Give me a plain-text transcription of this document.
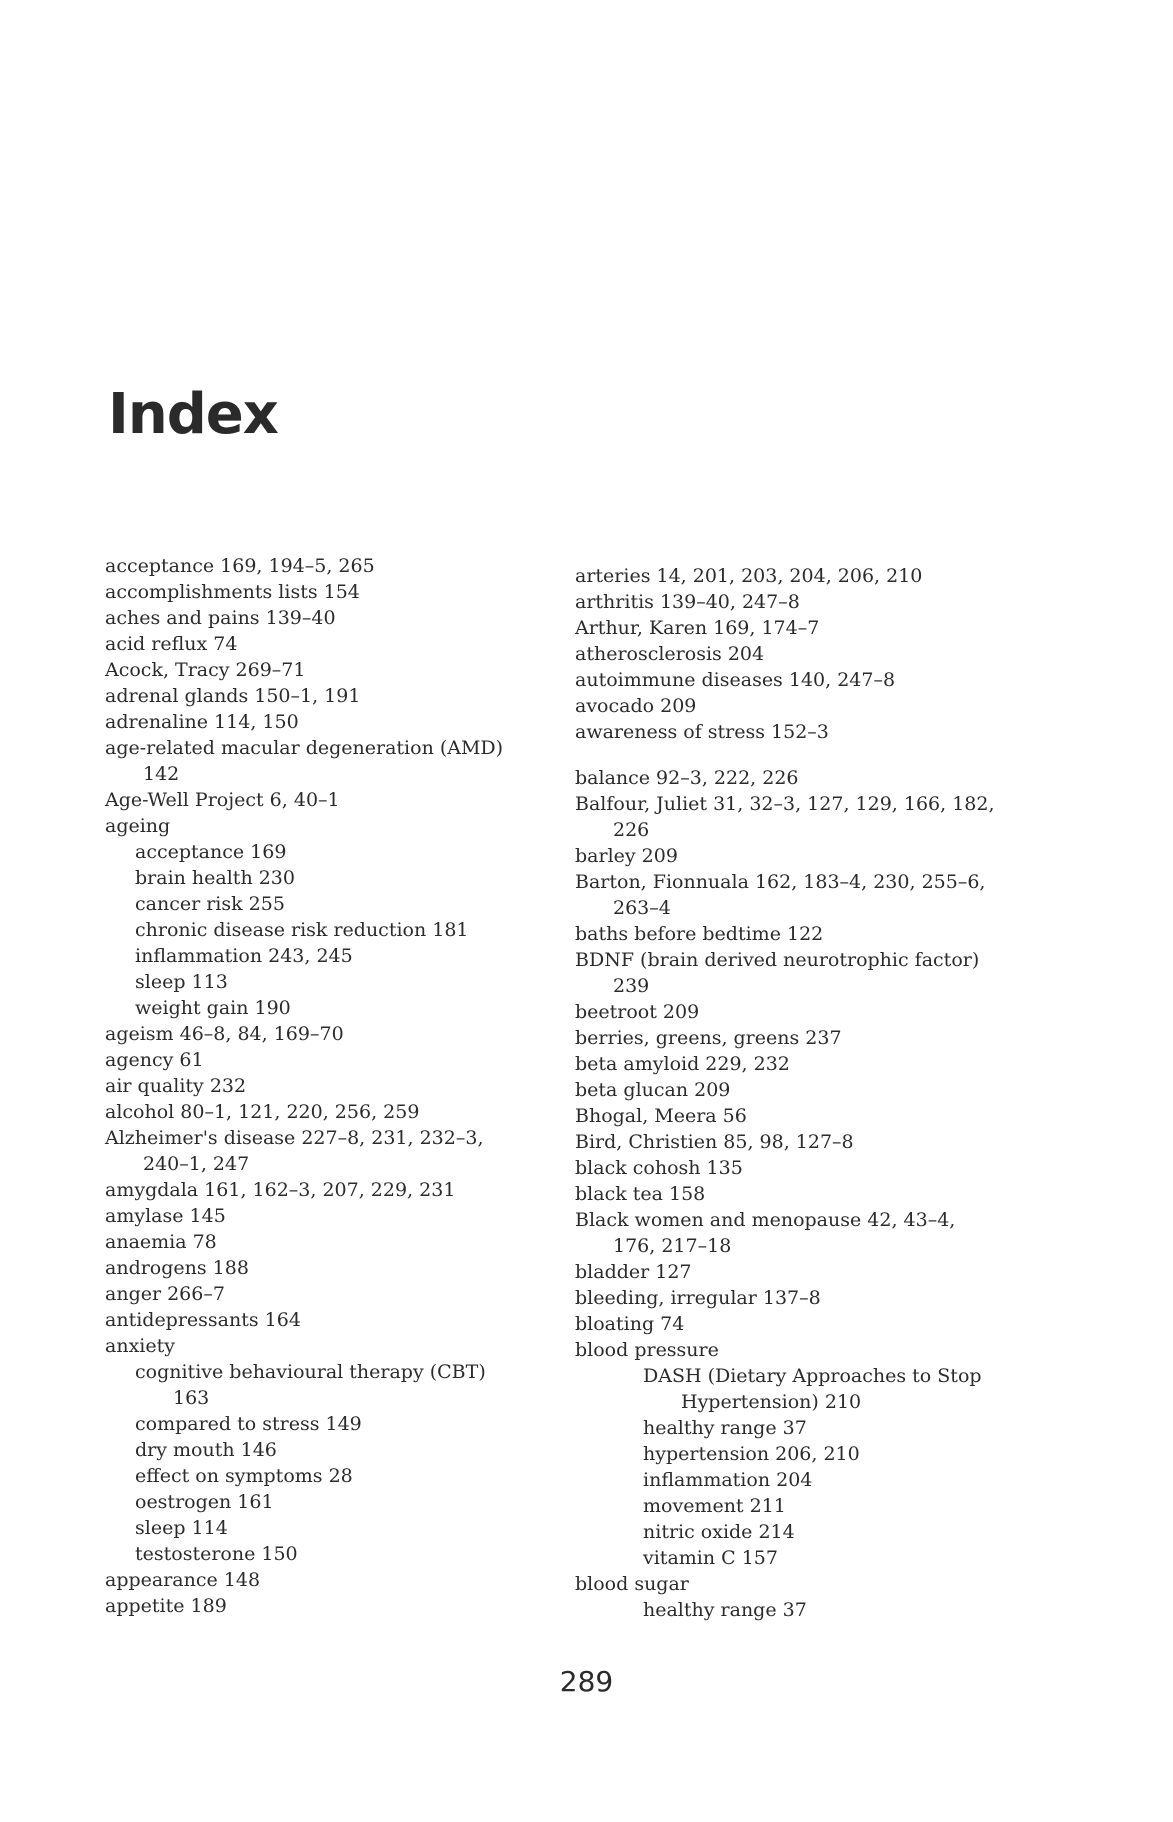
Index
acceptance 169, 194–5, 265
accomplishments lists 154
aches and pains 139–40
acid reflux 74
Acock, Tracy 269–71
adrenal glands 150–1, 191
adrenaline 114, 150
age-related macular degeneration (AMD)
142
Age-Well Project 6, 40–1
ageing
acceptance 169
brain health 230
cancer risk 255
chronic disease risk reduction 181
inflammation 243, 245
sleep 113
weight gain 190
ageism 46–8, 84, 169–70
agency 61
air quality 232
alcohol 80–1, 121, 220, 256, 259
Alzheimer's disease 227–8, 231, 232–3,
240–1, 247
amygdala 161, 162–3, 207, 229, 231
amylase 145
anaemia 78
androgens 188
anger 266–7
antidepressants 164
anxiety
cognitive behavioural therapy (CBT)
163
compared to stress 149
dry mouth 146
effect on symptoms 28
oestrogen 161
sleep 114
testosterone 150
appearance 148
appetite 189
arteries 14, 201, 203, 204, 206, 210
arthritis 139–40, 247–8
Arthur, Karen 169, 174–7
atherosclerosis 204
autoimmune diseases 140, 247–8
avocado 209
awareness of stress 152–3
balance 92–3, 222, 226
Balfour, Juliet 31, 32–3, 127, 129, 166, 182,
226
barley 209
Barton, Fionnuala 162, 183–4, 230, 255–6,
263–4
baths before bedtime 122
BDNF (brain derived neurotrophic factor)
239
beetroot 209
berries, greens, greens 237
beta amyloid 229, 232
beta glucan 209
Bhogal, Meera 56
Bird, Christien 85, 98, 127–8
black cohosh 135
black tea 158
Black women and menopause 42, 43–4,
176, 217–18
bladder 127
bleeding, irregular 137–8
bloating 74
blood pressure
DASH (Dietary Approaches to Stop
Hypertension) 210
healthy range 37
hypertension 206, 210
inflammation 204
movement 211
nitric oxide 214
vitamin C 157
blood sugar
healthy range 37
289
